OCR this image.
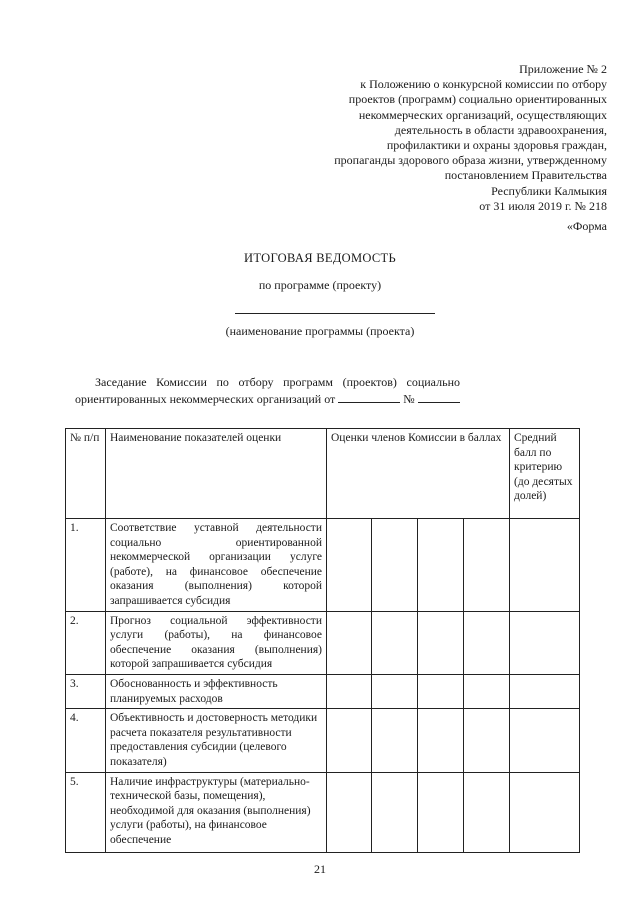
Приложение № 2
к Положению о конкурсной комиссии по отбору
проектов (программ) социально ориентированных
некоммерческих организаций, осуществляющих
деятельность в области здравоохранения,
профилактики и охраны здоровья граждан,
пропаганды здорового образа жизни, утвержденному
постановлением Правительства
Республики Калмыкия
от 31 июля 2019 г. № 218
«Форма
ИТОГОВАЯ ВЕДОМОСТЬ
по программе (проекту)
(наименование программы (проекта)
Заседание Комиссии по отбору программ (проектов) социально
ориентированных некоммерческих организаций от	№
№ п/п	Наименование показателей оценки	Оценки членов Комиссии в баллах				Средний балл по критерию (до десятых долей)
1.	Соответствие уставной деятельности социально ориентированной некоммерческой организации услуге (работе), на финансовое обеспечение оказания (выполнения) которой запрашивается субсидия					
2.	Прогноз социальной эффективности услуги (работы), на финансовое обеспечение оказания (выполнения) которой запрашивается субсидия					
3.	Обоснованность и эффективность планируемых расходов					
4.	Объективность и достоверность методики расчета показателя результативности предоставления субсидии (целевого показателя)					
5.	Наличие инфраструктуры (материально-технической базы, помещения), необходимой для оказания (выполнения) услуги (работы), на финансовое обеспечение					
21
